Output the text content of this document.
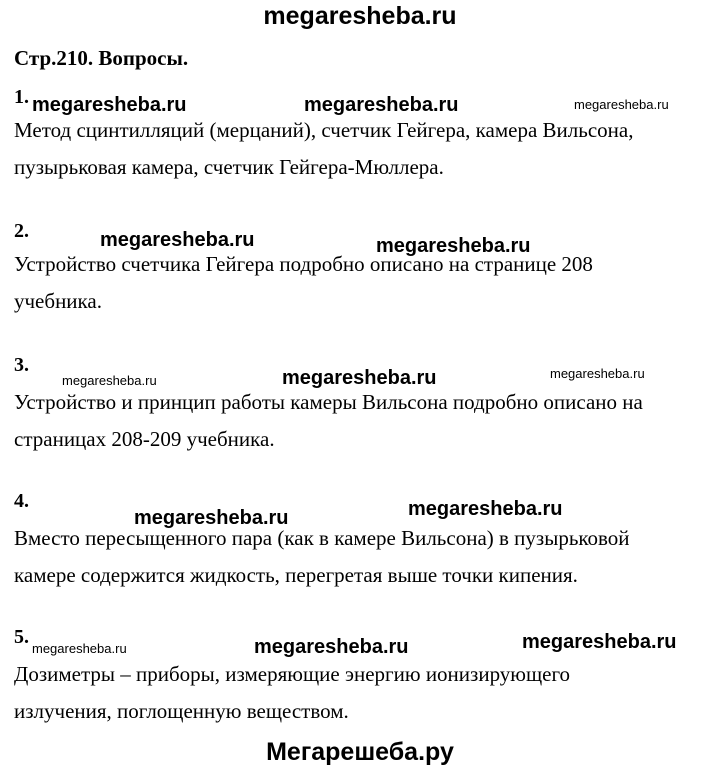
megaresheba.ru
Стр.210. Вопросы.
1. megaresheba.ru	megaresheba.ru	megaresheba.ru
Метод сцинтилляций (мерцаний), счетчик Гейгера, камера Вильсона,
пузырьковая камера, счетчик Гейгера-Мюллера.
2.	megaresheba.ru	megaresheba.ru
Устройство счетчика Гейгера подробно описано на странице 208
учебника.
3.
megaresheba.ru	megaresheba.ru	megaresheba.ru
Устройство и принцип работы камеры Вильсона подробно описано на
страницах 208-209 учебника.
4.
megaresheba.ru	megaresheba.ru
Вместо пересыщенного пара (как в камере Вильсона) в пузырьковой
камере содержится жидкость, перегретая выше точки кипения.
5.
megaresheba.ru	megaresheba.ru	megaresheba.ru
Дозиметры – приборы, измеряющие энергию ионизирующего
излучения, поглощенную веществом.
Мегарешеба.ру
